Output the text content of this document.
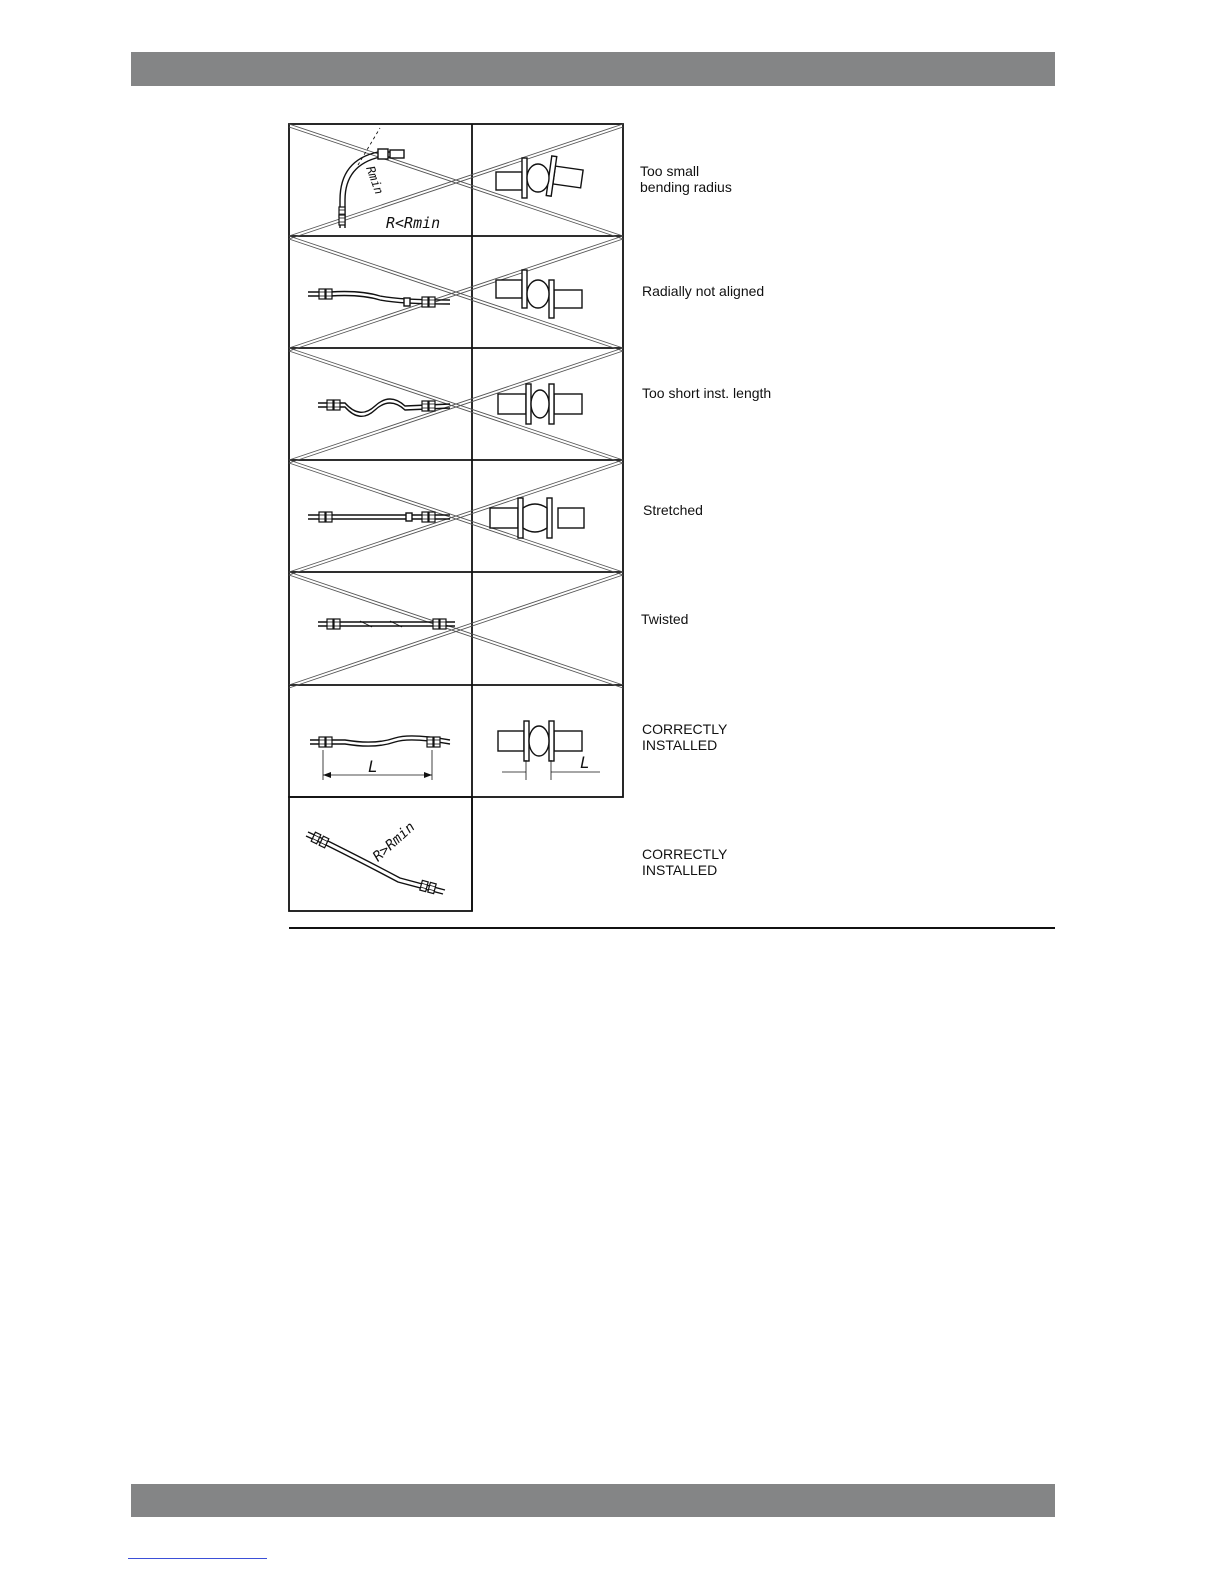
Rmin
R<Rmin
L	L
R>Rmin
Too small
bending radius
Radially not aligned
Too short inst. length
Stretched
Twisted
CORRECTLY
INSTALLED
CORRECTLY
INSTALLED
